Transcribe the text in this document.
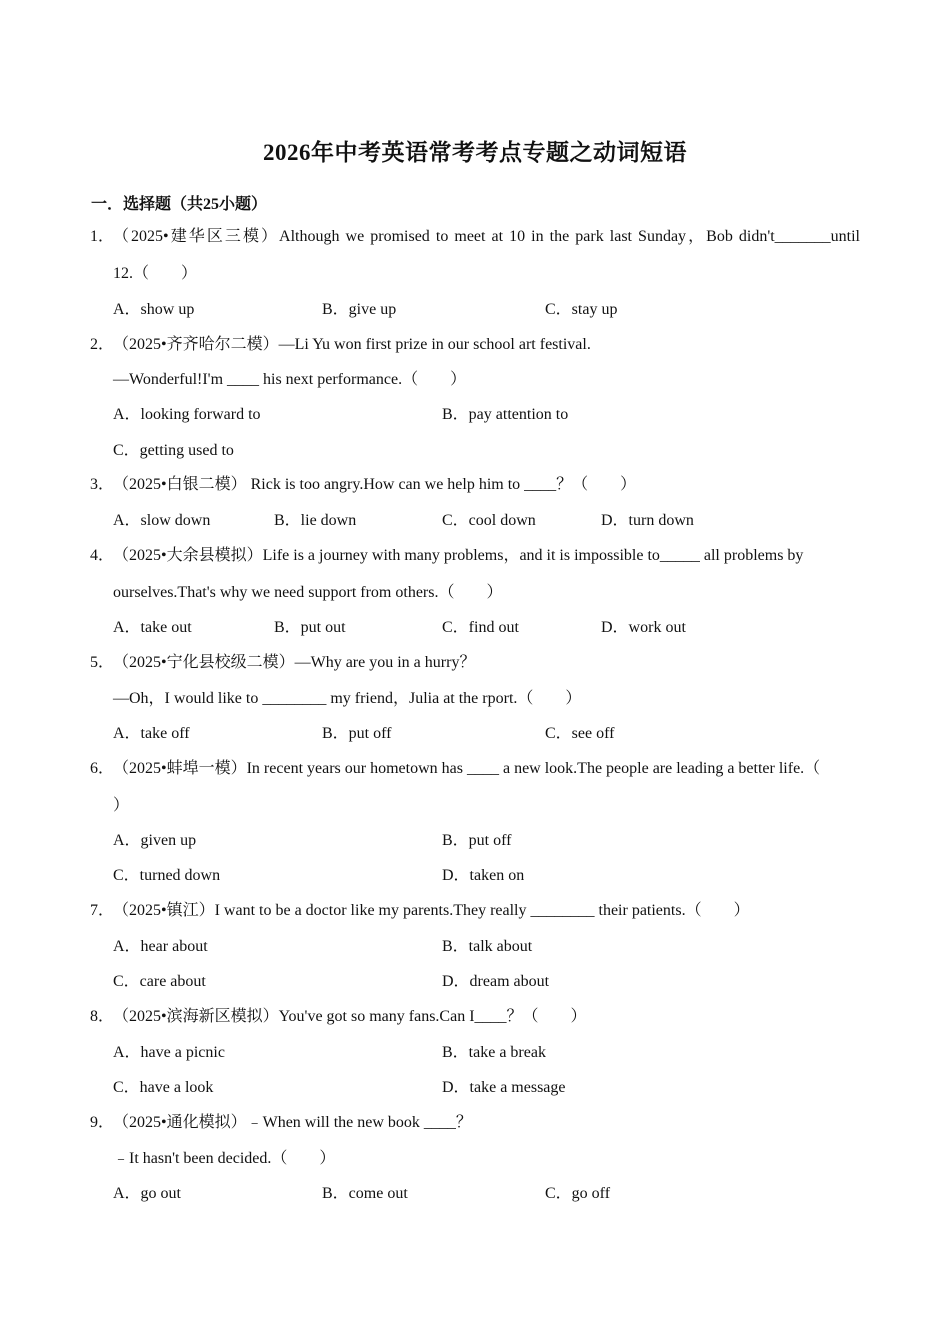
2026年中考英语常考考点专题之动词短语
一．选择题（共25小题）
1．
（2025•建华区三模）Although we promised to meet at 10 in the park last Sunday，Bob didn't_______until
12.（　　）
A．show up	B．give up	C．stay up
2．
（2025•齐齐哈尔二模）—Li Yu won first prize in our school art festival.
—Wonderful!I'm ____ his next performance.（　　）
A．looking forward to	B．pay attention to
C．getting used to
3．
（2025•白银二模） Rick is too angry.How can we help him to ____？（　　）
A．slow down	B．lie down	C．cool down	D．turn down
4．
（2025•大余县模拟）Life is a journey with many problems，and it is impossible to_____ all problems by
ourselves.That's why we need support from others.（　　）
A．take out	B．put out	C．find out	D．work out
5．
（2025•宁化县校级二模）—Why are you in a hurry？
—Oh，I would like to ________ my friend，Julia at the rport.（　　）
A．take off	B．put off	C．see off
6．
（2025•蚌埠一模）In recent years our hometown has ____ a new look.The people are leading a better life.（
）
A．given up	B．put off
C．turned down	D．taken on
7．
（2025•镇江）I want to be a doctor like my parents.They really ________ their patients.（　　）
A．hear about	B．talk about
C．care about	D．dream about
8．
（2025•滨海新区模拟）You've got so many fans.Can I____？（　　）
A．have a picnic	B．take a break
C．have a look	D．take a message
9．
（2025•通化模拟）﹣When will the new book ____？
﹣It hasn't been decided.（　　）
A．go out	B．come out	C．go off
